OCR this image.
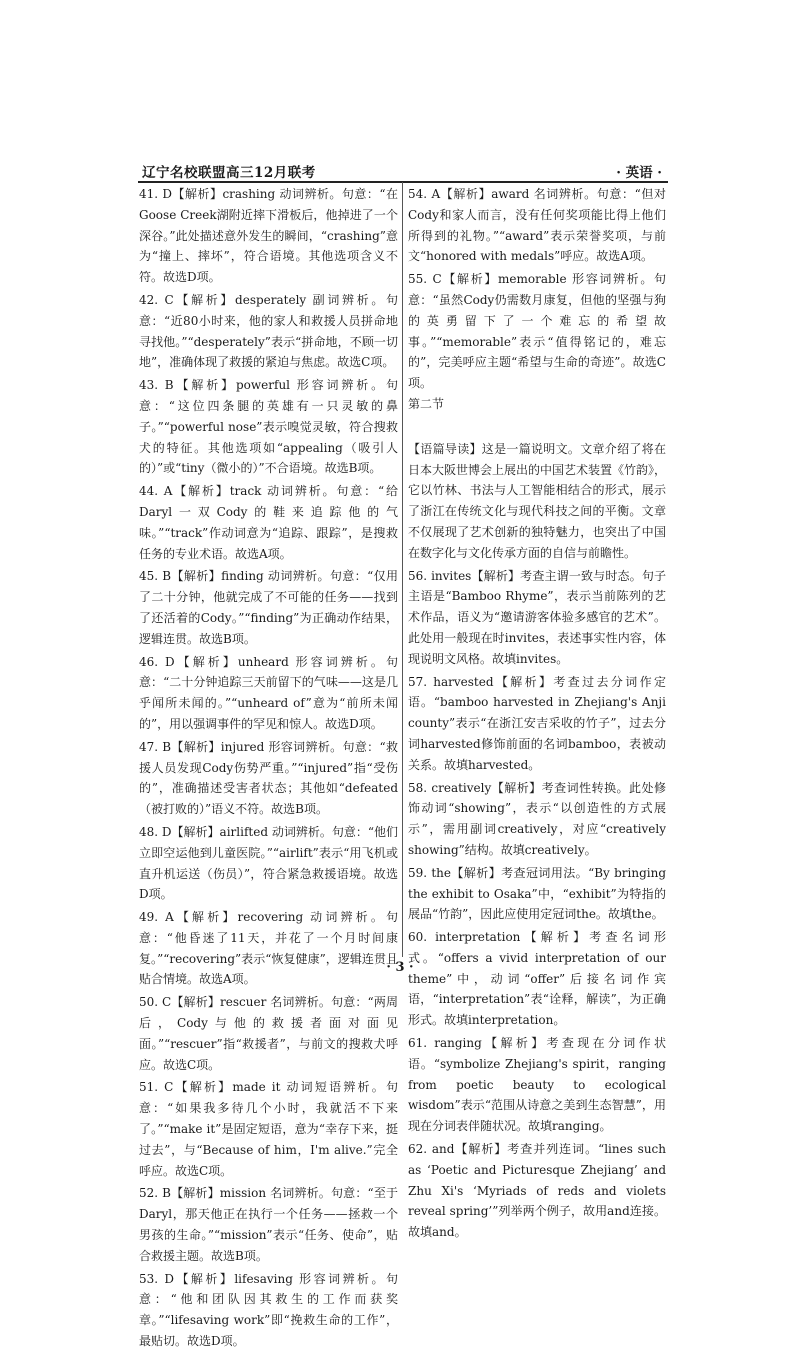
辽宁名校联盟高三12月联考	· 英语 ·

41. D【解析】crashing 动词辨析。句意：“在Goose Creek湖附近摔下滑板后，他掉进了一个深谷。”此处描述意外发生的瞬间，“crashing”意为“撞上、摔坏”，符合语境。其他选项含义不符。故选D项。

42. C【解析】desperately 副词辨析。句意：“近80小时来，他的家人和救援人员拼命地寻找他。”“desperately”表示“拼命地，不顾一切地”，准确体现了救援的紧迫与焦虑。故选C项。

43. B【解析】powerful 形容词辨析。句意：“这位四条腿的英雄有一只灵敏的鼻子。”“powerful nose”表示嗅觉灵敏，符合搜救犬的特征。其他选项如“appealing（吸引人的）”或“tiny（微小的）”不合语境。故选B项。

44. A【解析】track 动词辨析。句意：“给Daryl一双Cody的鞋来追踪他的气味。”“track”作动词意为“追踪、跟踪”，是搜救任务的专业术语。故选A项。

45. B【解析】finding 动词辨析。句意：“仅用了二十分钟，他就完成了不可能的任务——找到了还活着的Cody。”“finding”为正确动作结果，逻辑连贯。故选B项。

46. D【解析】unheard 形容词辨析。句意：“二十分钟追踪三天前留下的气味——这是几乎闻所未闻的。”“unheard of”意为“前所未闻的”，用以强调事件的罕见和惊人。故选D项。

47. B【解析】injured 形容词辨析。句意：“救援人员发现Cody伤势严重。”“injured”指“受伤的”，准确描述受害者状态；其他如“defeated（被打败的）”语义不符。故选B项。

48. D【解析】airlifted 动词辨析。句意：“他们立即空运他到儿童医院。”“airlift”表示“用飞机或直升机运送（伤员）”，符合紧急救援语境。故选D项。

49. A【解析】recovering 动词辨析。句意：“他昏迷了11天，并花了一个月时间康复。”“recovering”表示“恢复健康”，逻辑连贯且贴合情境。故选A项。

50. C【解析】rescuer 名词辨析。句意：“两周后，Cody与他的救援者面对面见面。”“rescuer”指“救援者”，与前文的搜救犬呼应。故选C项。

51. C【解析】made it 动词短语辨析。句意：“如果我多待几个小时，我就活不下来了。”“make it”是固定短语，意为“幸存下来，挺过去”，与“Because of him，I'm alive.”完全呼应。故选C项。

52. B【解析】mission 名词辨析。句意：“至于Daryl，那天他正在执行一个任务——拯救一个男孩的生命。”“mission”表示“任务、使命”，贴合救援主题。故选B项。

53. D【解析】lifesaving 形容词辨析。句意：“他和团队因其救生的工作而获奖章。”“lifesaving work”即“挽救生命的工作”，最贴切。故选D项。

54. A【解析】award 名词辨析。句意：“但对Cody和家人而言，没有任何奖项能比得上他们所得到的礼物。”“award”表示荣誉奖项，与前文“honored with medals”呼应。故选A项。

55. C【解析】memorable 形容词辨析。句意：“虽然Cody仍需数月康复，但他的坚强与狗的英勇留下了一个难忘的希望故事。”“memorable”表示“值得铭记的，难忘的”，完美呼应主题“希望与生命的奇迹”。故选C项。

第二节

【语篇导读】这是一篇说明文。文章介绍了将在日本大阪世博会上展出的中国艺术装置《竹韵》，它以竹林、书法与人工智能相结合的形式，展示了浙江在传统文化与现代科技之间的平衡。文章不仅展现了艺术创新的独特魅力，也突出了中国在数字化与文化传承方面的自信与前瞻性。

56. invites【解析】考查主谓一致与时态。句子主语是“Bamboo Rhyme”，表示当前陈列的艺术作品，语义为“邀请游客体验多感官的艺术”。此处用一般现在时invites，表述事实性内容，体现说明文风格。故填invites。

57. harvested【解析】考查过去分词作定语。“bamboo harvested in Zhejiang's Anji county”表示“在浙江安吉采收的竹子”，过去分词harvested修饰前面的名词bamboo，表被动关系。故填harvested。

58. creatively【解析】考查词性转换。此处修饰动词“showing”，表示“以创造性的方式展示”，需用副词creatively，对应“creatively showing”结构。故填creatively。

59. the【解析】考查冠词用法。“By bringing the exhibit to Osaka”中，“exhibit”为特指的展品“竹韵”，因此应使用定冠词the。故填the。

60. interpretation【解析】考查名词形式。“offers a vivid interpretation of our theme”中，动词“offer”后接名词作宾语，“interpretation”表“诠释，解读”，为正确形式。故填interpretation。

61. ranging【解析】考查现在分词作状语。“symbolize Zhejiang's spirit，ranging from poetic beauty to ecological wisdom”表示“范围从诗意之美到生态智慧”，用现在分词表伴随状况。故填ranging。

62. and【解析】考查并列连词。“lines such as ‘Poetic and Picturesque Zhejiang’ and Zhu Xi's ‘Myriads of reds and violets reveal spring’”列举两个例子，故用and连接。故填and。

· 3 ·
